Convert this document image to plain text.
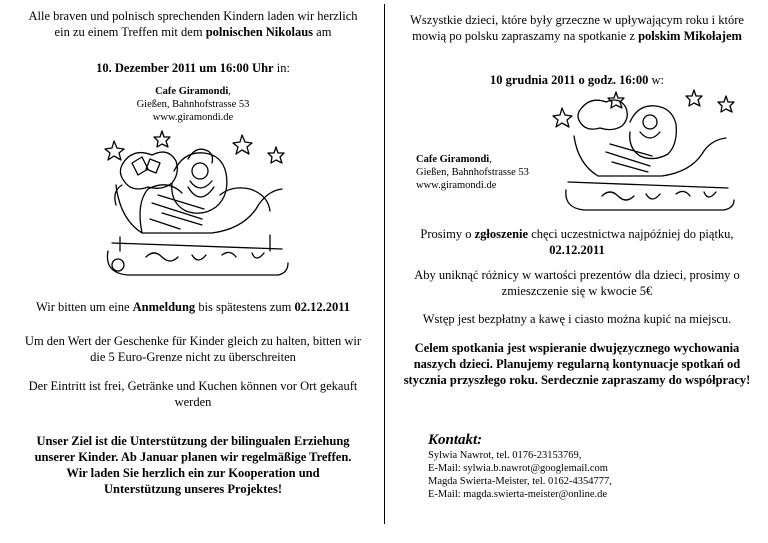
Alle braven und polnisch sprechenden Kindern laden wir herzlich ein zu einem Treffen mit dem polnischen Nikolaus am
10. Dezember 2011 um 16:00 Uhr in:
Cafe Giramondi,
Gießen, Bahnhofstrasse 53
www.giramondi.de
Wir bitten um eine Anmeldung bis spätestens zum 02.12.2011
Um den Wert der Geschenke für Kinder gleich zu halten, bitten wir die 5 Euro-Grenze nicht zu überschreiten
Der Eintritt ist frei, Getränke und Kuchen können vor Ort gekauft werden
Unser Ziel ist die Unterstützung der bilingualen Erziehung unserer Kinder. Ab Januar planen wir regelmäßige Treffen. Wir laden Sie herzlich ein zur Kooperation und Unterstützung unseres Projektes!
Wszystkie dzieci, które były grzeczne w upływającym roku i które mowią po polsku zapraszamy na spotkanie z polskim Mikołajem
10 grudnia 2011 o godz. 16:00 w:
Cafe Giramondi,
Gießen, Bahnhofstrasse 53
www.giramondi.de
Prosimy o zgłoszenie chęci uczestnictwa najpóźniej do piątku, 02.12.2011
Aby uniknąć różnicy w wartości prezentów dla dzieci, prosimy o zmieszczenie się w kwocie 5€
Wstęp jest bezpłatny a kawę i ciasto można kupić na miejscu.
Celem spotkania jest wspieranie dwujęzycznego wychowania naszych dzieci. Planujemy regularną kontynuacje spotkań od stycznia przyszłego roku. Serdecznie zapraszamy do współpracy!
Kontakt:
Sylwia Nawrot, tel. 0176-23153769,
E-Mail: sylwia.b.nawrot@googlemail.com
Magda Swierta-Meister, tel. 0162-4354777,
E-Mail: magda.swierta-meister@online.de
